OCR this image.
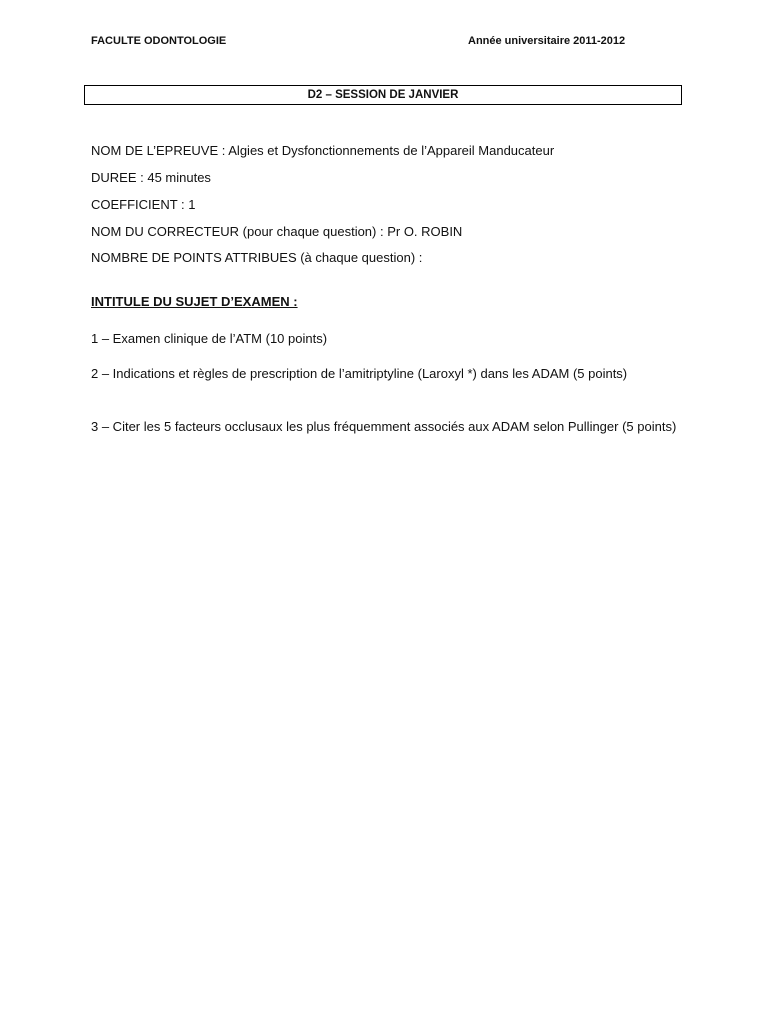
FACULTE ODONTOLOGIE	Année universitaire 2011-2012
D2 – SESSION DE JANVIER
NOM DE L’EPREUVE : Algies et Dysfonctionnements de l’Appareil Manducateur
DUREE : 45 minutes
COEFFICIENT : 1
NOM DU CORRECTEUR (pour chaque question) : Pr O. ROBIN
NOMBRE DE POINTS ATTRIBUES (à chaque question) :
INTITULE DU SUJET D’EXAMEN :
1 – Examen clinique de l’ATM (10 points)
2 – Indications et règles de prescription de l’amitriptyline (Laroxyl *) dans les ADAM (5 points)
3 – Citer les 5 facteurs occlusaux les plus fréquemment associés aux ADAM selon Pullinger (5 points)
